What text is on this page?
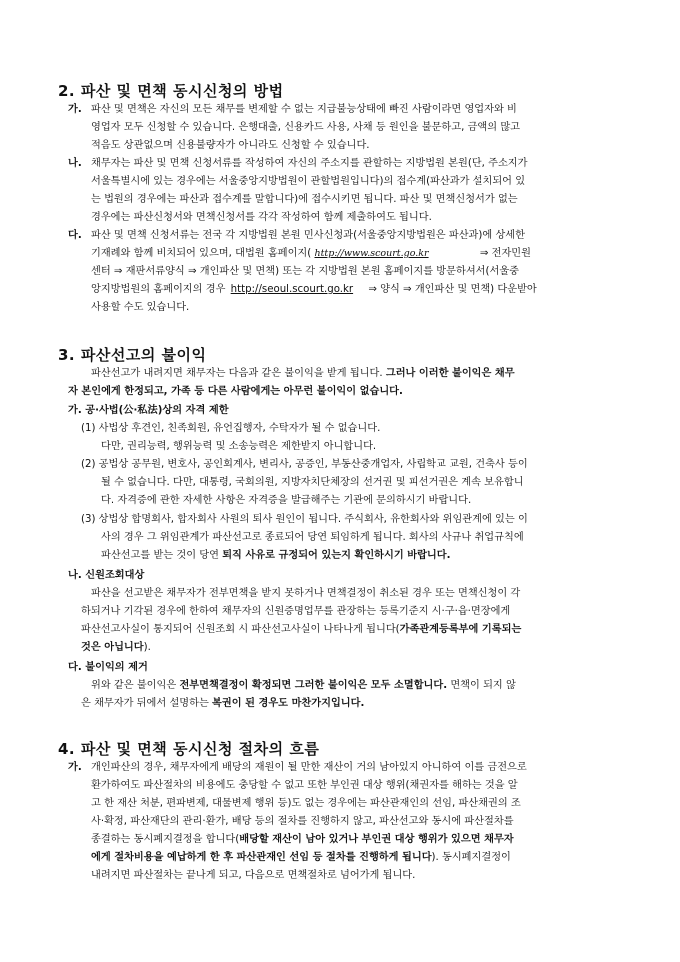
2. 파산 및 면책 동시신청의 방법
가. 파산 및 면책은 자신의 모든 채무를 변제할 수 없는 지급불능상태에 빠진 사람이라면 영업자와 비
영업자 모두 신청할 수 있습니다. 은행대출, 신용카드 사용, 사채 등 원인을 불문하고, 금액의 많고
적음도 상관없으며 신용불량자가 아니라도 신청할 수 있습니다.
나. 채무자는 파산 및 면책 신청서류를 작성하여 자신의 주소지를 관할하는 지방법원 본원(단, 주소지가
서울특별시에 있는 경우에는 서울중앙지방법원이 관할법원입니다)의 접수계(파산과가 설치되어 있
는 법원의 경우에는 파산과 접수계를 말합니다)에 접수시키면 됩니다. 파산 및 면책신청서가 없는
경우에는 파산신청서와 면책신청서를 각각 작성하여 함께 제출하여도 됩니다.
다. 파산 및 면책 신청서류는 전국 각 지방법원 본원 민사신청과(서울중앙지방법원은 파산과)에 상세한
기재례와 함께 비치되어 있으며, 대법원 홈페이지( http://www.scourt.go.kr	⇒ 전자민원
센터 ⇒ 재판서류양식 ⇒ 개인파산 및 면책) 또는 각 지방법원 본원 홈페이지를 방문하셔서(서울중
앙지방법원의 홈페이지의 경우 http://seoul.scourt.go.kr ⇒ 양식 ⇒ 개인파산 및 면책) 다운받아
사용할 수도 있습니다.
3. 파산선고의 불이익
파산선고가 내려지면 채무자는 다음과 같은 불이익을 받게 됩니다. 그러나 이러한 불이익은 채무
자 본인에게 한정되고, 가족 등 다른 사람에게는 아무런 불이익이 없습니다.
가. 공·사법(公·私法)상의 자격 제한
(1) 사법상 후견인, 친족회원, 유언집행자, 수탁자가 될 수 없습니다.
다만, 권리능력, 행위능력 및 소송능력은 제한받지 아니합니다.
(2) 공법상 공무원, 변호사, 공인회계사, 변리사, 공증인, 부동산중개업자, 사립학교 교원, 건축사 등이
될 수 없습니다. 다만, 대통령, 국회의원, 지방자치단체장의 선거권 및 피선거권은 계속 보유합니
다. 자격증에 관한 자세한 사항은 자격증을 발급해주는 기관에 문의하시기 바랍니다.
(3) 상법상 합명회사, 합자회사 사원의 퇴사 원인이 됩니다. 주식회사, 유한회사와 위임관계에 있는 이
사의 경우 그 위임관계가 파산선고로 종료되어 당연 퇴임하게 됩니다. 회사의 사규나 취업규칙에
파산선고를 받는 것이 당연 퇴직 사유로 규정되어 있는지 확인하시기 바랍니다.
나. 신원조회대상
파산을 선고받은 채무자가 전부면책을 받지 못하거나 면책결정이 취소된 경우 또는 면책신청이 각
하되거나 기각된 경우에 한하여 채무자의 신원증명업무를 관장하는 등록기준지 시·구·읍·면장에게
파산선고사실이 통지되어 신원조회 시 파산선고사실이 나타나게 됩니다(가족관계등록부에 기록되는
것은 아닙니다).
다. 불이익의 제거
위와 같은 불이익은 전부면책결정이 확정되면 그러한 불이익은 모두 소멸합니다. 면책이 되지 않
은 채무자가 뒤에서 설명하는 복권이 된 경우도 마찬가지입니다.
4. 파산 및 면책 동시신청 절차의 흐름
가. 개인파산의 경우, 채무자에게 배당의 재원이 될 만한 재산이 거의 남아있지 아니하여 이를 금전으로
환가하여도 파산절차의 비용에도 충당할 수 없고 또한 부인권 대상 행위(채권자를 해하는 것을 알
고 한 재산 처분, 편파변제, 대물변제 행위 등)도 없는 경우에는 파산관재인의 선임, 파산채권의 조
사·확정, 파산재단의 관리·환가, 배당 등의 절차를 진행하지 않고, 파산선고와 동시에 파산절차를
종결하는 동시폐지결정을 합니다(배당할 재산이 남아 있거나 부인권 대상 행위가 있으면 채무자
에게 절차비용을 예납하게 한 후 파산관재인 선임 등 절차를 진행하게 됩니다). 동시폐지결정이
내려지면 파산절차는 끝나게 되고, 다음으로 면책절차로 넘어가게 됩니다.
